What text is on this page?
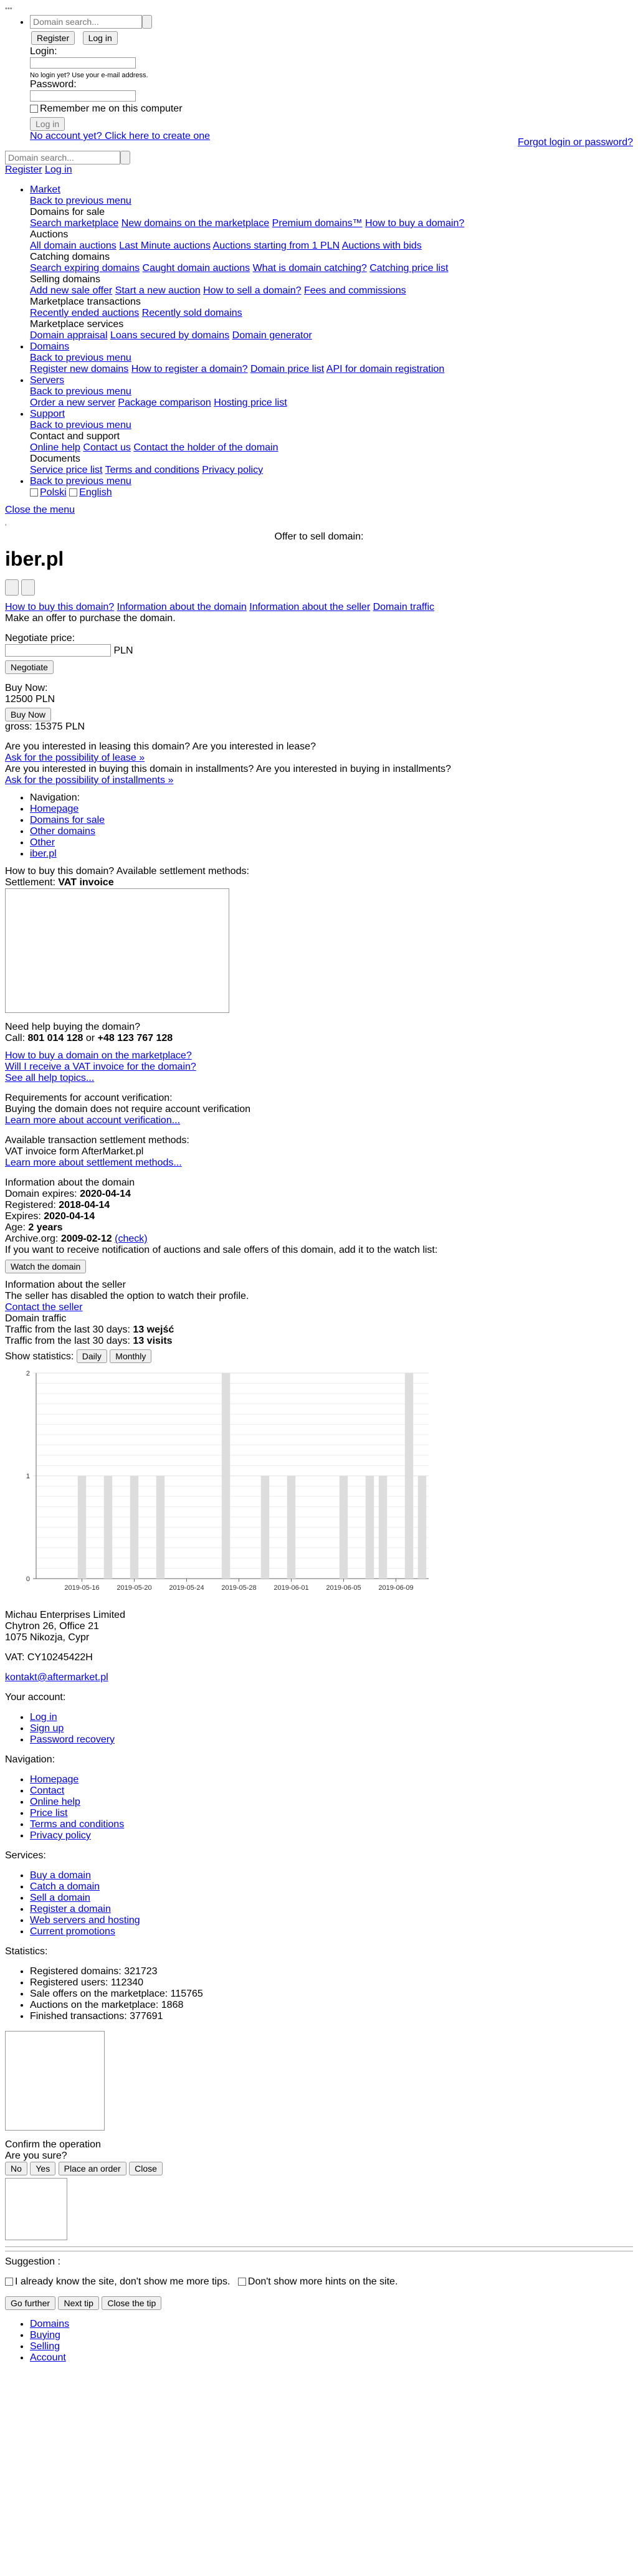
•••
Domain search...
• Register Log in
Login:
No login yet? Use your e-mail address.
Password:
Remember me on this computer
Log in
Forgot login or password?
No account yet? Click here to create one
Domain search...
Register Log in
• Market
Back to previous menu
Domains for sale
Search marketplace New domains on the marketplace Premium domains™ How to buy a domain?
Auctions
All domain auctions Last Minute auctions Auctions starting from 1 PLN Auctions with bids
Catching domains
Search expiring domains Caught domain auctions What is domain catching? Catching price list
Selling domains
Add new sale offer Start a new auction How to sell a domain? Fees and commissions
Marketplace transactions
Recently ended auctions Recently sold domains
Marketplace services
Domain appraisal Loans secured by domains Domain generator
• Domains
Back to previous menu
Register new domains How to register a domain? Domain price list API for domain registration
• Servers
Back to previous menu
Order a new server Package comparison Hosting price list
• Support
Back to previous menu
Contact and support
Online help Contact us Contact the holder of the domain
Documents
Service price list Terms and conditions Privacy policy
• Back to previous menu
Polski English
Close the menu
'
Offer to sell domain:
iber.pl

How to buy this domain? Information about the domain Information about the seller Domain traffic
Make an offer to purchase the domain.
Negotiate price:
PLN
Negotiate
Buy Now:
12500 PLN
Buy Now
gross: 15375 PLN
Are you interested in leasing this domain? Are you interested in lease?
Ask for the possibility of lease »
Are you interested in buying this domain in installments? Are you interested in buying in installments?
Ask for the possibility of installments »
• Navigation:
• Homepage
• Domains for sale
• Other domains
• Other
• iber.pl
How to buy this domain? Available settlement methods:
Settlement: VAT invoice
Need help buying the domain?
Call: 801 014 128 or +48 123 767 128
How to buy a domain on the marketplace?
Will I receive a VAT invoice for the domain?
See all help topics...
Requirements for account verification:
Buying the domain does not require account verification
Learn more about account verification...
Available transaction settlement methods:
VAT invoice form AfterMarket.pl
Learn more about settlement methods...
Information about the domain
Domain expires: 2020-04-14
Registered: 2018-04-14
Expires: 2020-04-14
Age: 2 years
Archive.org: 2009-02-12 (check)
If you want to receive notification of auctions and sale offers of this domain, add it to the watch list:
Watch the domain
Information about the seller
The seller has disabled the option to watch their profile.
Contact the seller
Domain traffic
Traffic from the last 30 days: 13 wejść
Traffic from the last 30 days: 13 visits
Show statistics: Daily Monthly
0
1
2
2019-05-16	2019-05-20	2019-05-24	2019-05-28	2019-06-01	2019-06-05	2019-06-09
Michau Enterprises Limited
Chytron 26, Office 21
1075 Nikozja, Cypr
VAT: CY10245422H
kontakt@aftermarket.pl
Your account:
• Log in
• Sign up
• Password recovery
Navigation:
• Homepage
• Contact
• Online help
• Price list
• Terms and conditions
• Privacy policy
Services:
• Buy a domain
• Catch a domain
• Sell a domain
• Register a domain
• Web servers and hosting
• Current promotions
Statistics:
• Registered domains: 321723
• Registered users: 112340
• Sale offers on the marketplace: 115765
• Auctions on the marketplace: 1868
• Finished transactions: 377691
Confirm the operation
Are you sure?
No Yes Place an order Close
Suggestion :
I already know the site, don't show me more tips. Don't show more hints on the site.
Go further Next tip Close the tip
• Domains
• Buying
• Selling
• Account
